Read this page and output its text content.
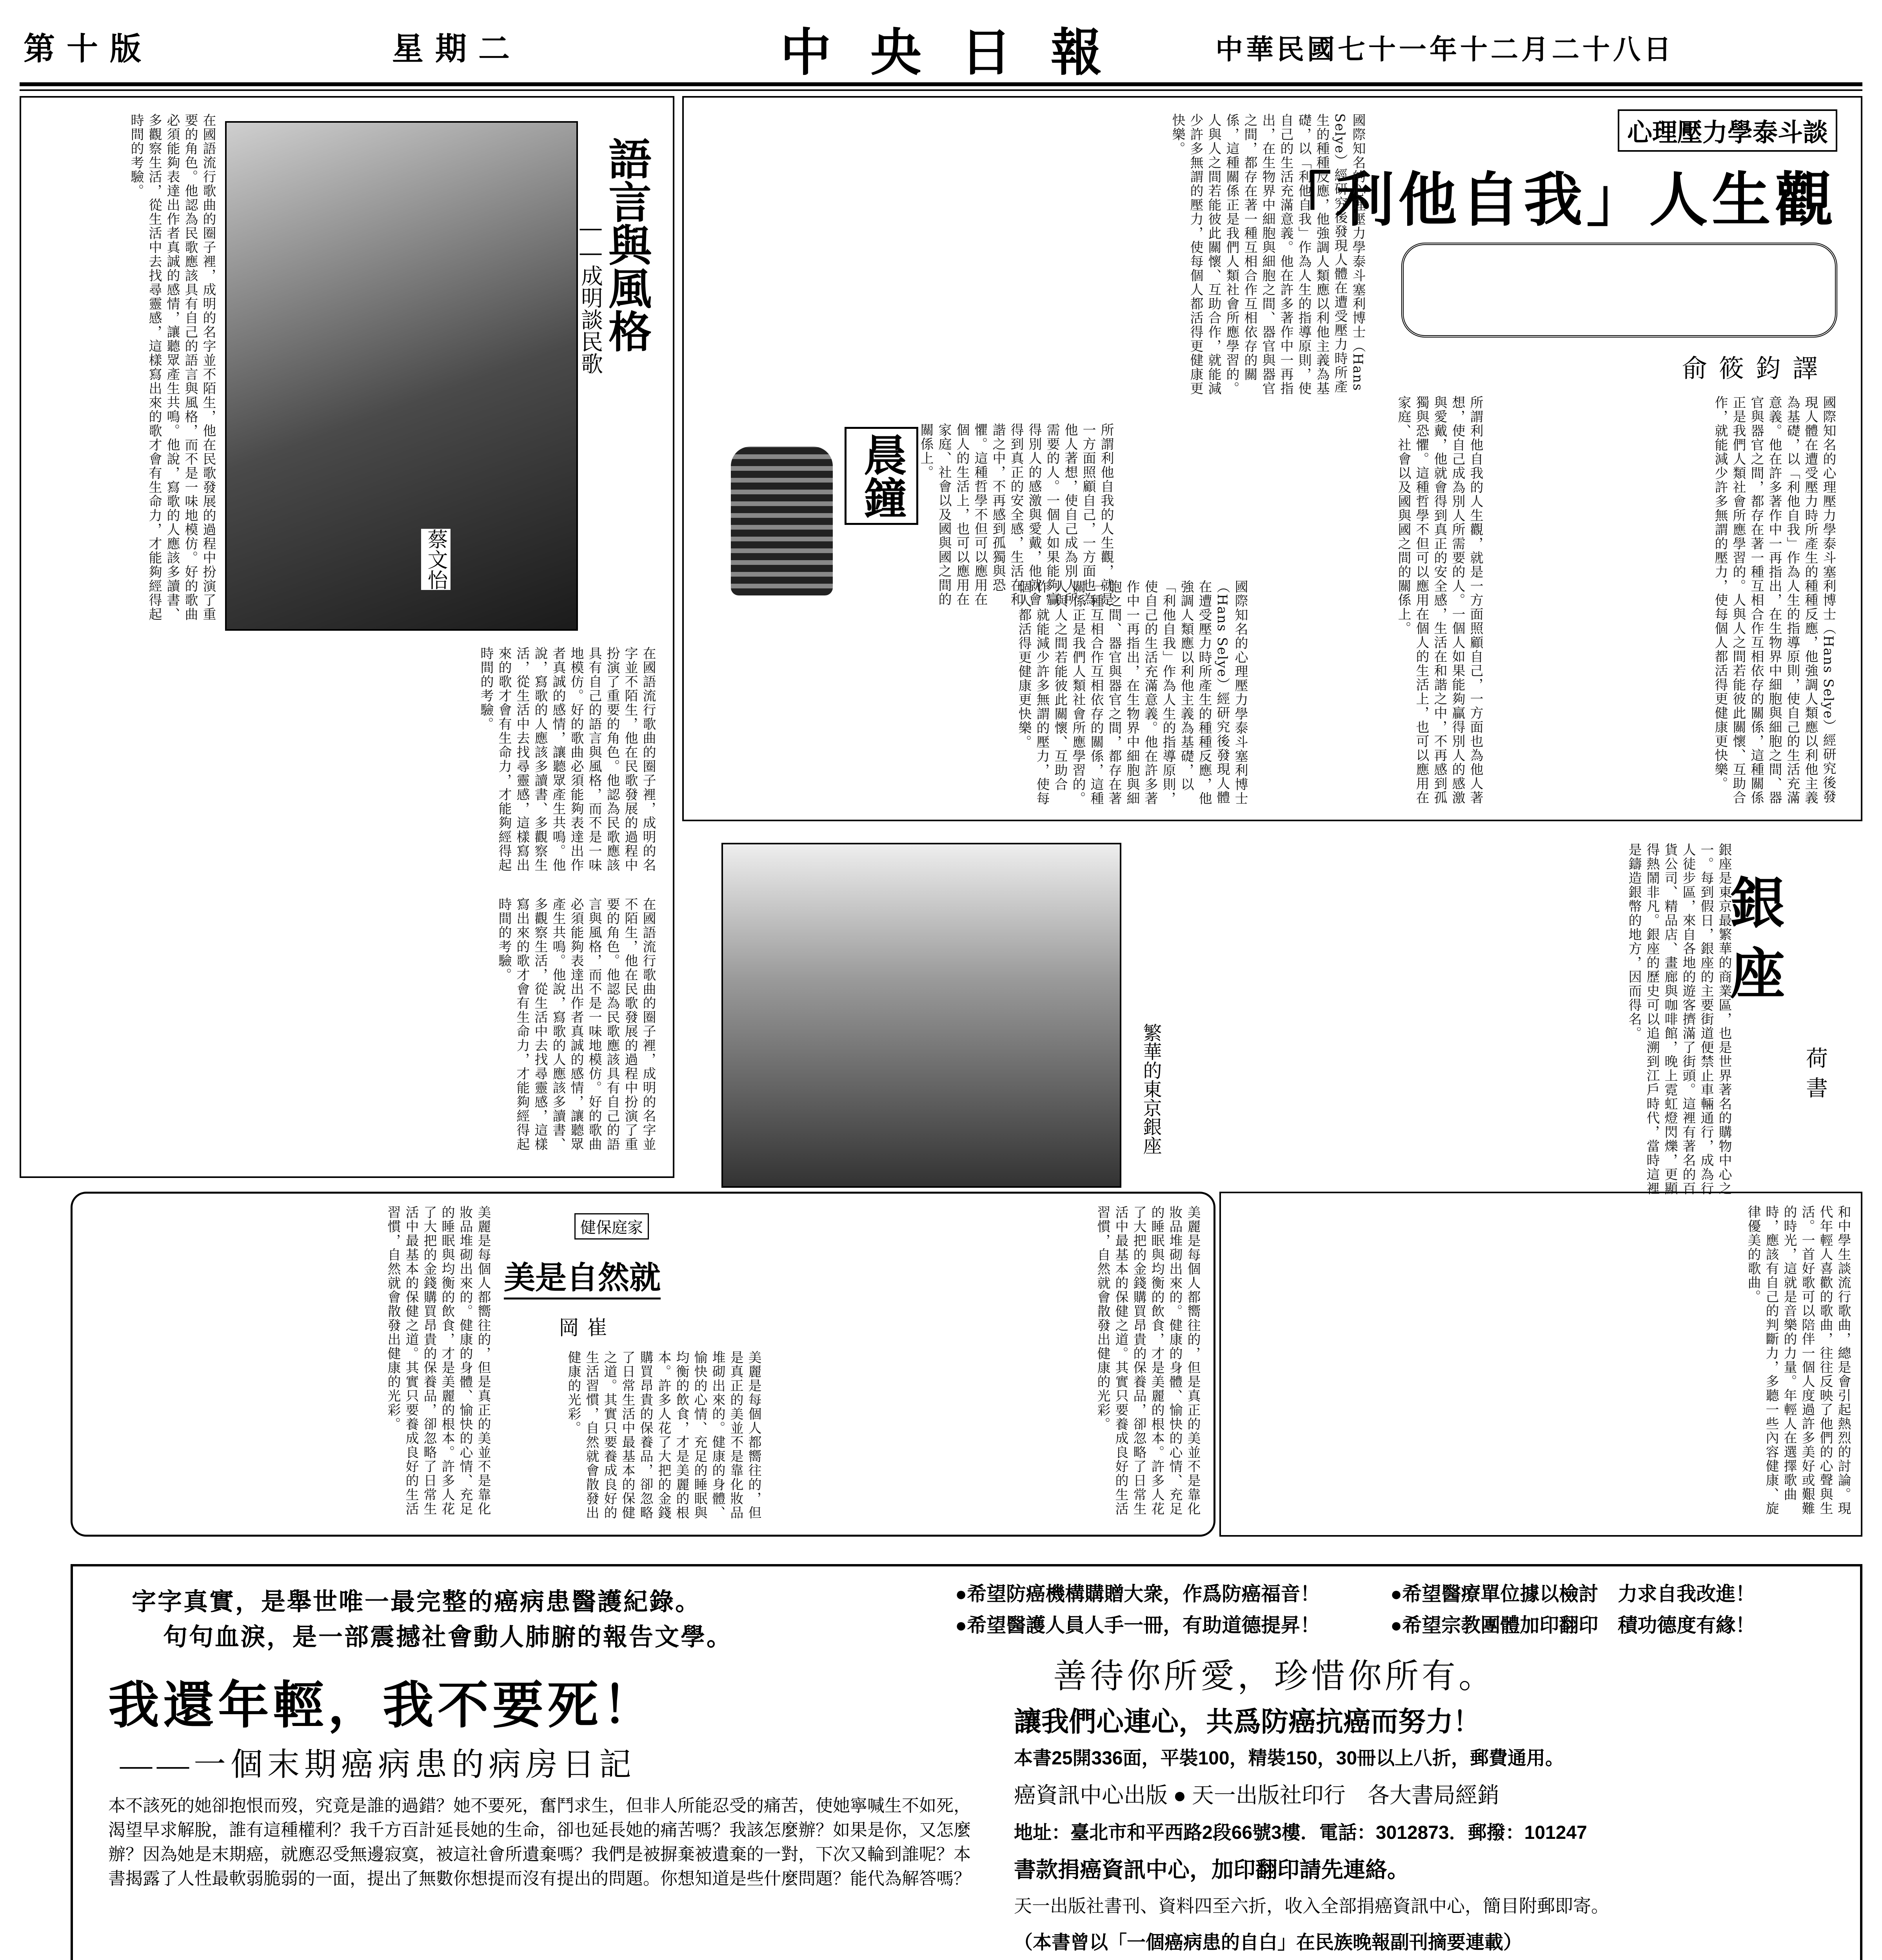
第十版	星期二	中央日報	中華民國七十一年十二月二十八日
心理壓力學泰斗談
「利他自我」人生觀
俞筱鈞譯
國際知名的心理壓力學泰斗塞利博士（Hans Selye）經研究後發現人體在遭受壓力時所產生的種種反應，他強調人類應以利他主義為基礎，以「利他自我」作為人生的指導原則，使自己的生活充滿意義。他在許多著作中一再指出，在生物界中細胞與細胞之間、器官與器官之間，都存在著一種互相合作互相依存的關係，這種關係正是我們人類社會所應學習的。人與人之間若能彼此關懷、互助合作，就能減少許多無謂的壓力，使每個人都活得更健康更快樂。
國際知名的心理壓力學泰斗塞利博士（Hans Selye）經研究後發現人體在遭受壓力時所產生的種種反應，他強調人類應以利他主義為基礎，以「利他自我」作為人生的指導原則，使自己的生活充滿意義。他在許多著作中一再指出，在生物界中細胞與細胞之間、器官與器官之間，都存在著一種互相合作互相依存的關係，這種關係正是我們人類社會所應學習的。人與人之間若能彼此關懷、互助合作，就能減少許多無謂的壓力，使每個人都活得更健康更快樂。
國際知名的心理壓力學泰斗塞利博士（Hans Selye）經研究後發現人體在遭受壓力時所產生的種種反應，他強調人類應以利他主義為基礎，以「利他自我」作為人生的指導原則，使自己的生活充滿意義。他在許多著作中一再指出，在生物界中細胞與細胞之間、器官與器官之間，都存在著一種互相合作互相依存的關係，這種關係正是我們人類社會所應學習的。人與人之間若能彼此關懷、互助合作，就能減少許多無謂的壓力，使每個人都活得更健康更快樂。
晨鐘	所謂利他自我的人生觀，就是一方面照顧自己，一方面也為他人著想，使自己成為別人所需要的人。一個人如果能夠贏得別人的感激與愛戴，他就會得到真正的安全感，生活在和諧之中，不再感到孤獨與恐懼。這種哲學不但可以應用在個人的生活上，也可以應用在家庭、社會以及國與國之間的關係上。	所謂利他自我的人生觀，就是一方面照顧自己，一方面也為他人著想，使自己成為別人所需要的人。一個人如果能夠贏得別人的感激與愛戴，他就會得到真正的安全感，生活在和諧之中，不再感到孤獨與恐懼。這種哲學不但可以應用在個人的生活上，也可以應用在家庭、社會以及國與國之間的關係上。
語言與風格
——成明談民歌
蔡文怡
在國語流行歌曲的圈子裡，成明的名字並不陌生，他在民歌發展的過程中扮演了重要的角色。他認為民歌應該具有自己的語言與風格，而不是一味地模仿。好的歌曲必須能夠表達出作者真誠的感情，讓聽眾產生共鳴。他說，寫歌的人應該多讀書、多觀察生活，從生活中去找尋靈感，這樣寫出來的歌才會有生命力，才能夠經得起時間的考驗。
在國語流行歌曲的圈子裡，成明的名字並不陌生，他在民歌發展的過程中扮演了重要的角色。他認為民歌應該具有自己的語言與風格，而不是一味地模仿。好的歌曲必須能夠表達出作者真誠的感情，讓聽眾產生共鳴。他說，寫歌的人應該多讀書、多觀察生活，從生活中去找尋靈感，這樣寫出來的歌才會有生命力，才能夠經得起時間的考驗。
在國語流行歌曲的圈子裡，成明的名字並不陌生，他在民歌發展的過程中扮演了重要的角色。他認為民歌應該具有自己的語言與風格，而不是一味地模仿。好的歌曲必須能夠表達出作者真誠的感情，讓聽眾產生共鳴。他說，寫歌的人應該多讀書、多觀察生活，從生活中去找尋靈感，這樣寫出來的歌才會有生命力，才能夠經得起時間的考驗。
繁華的東京銀座
銀座
荷書
銀座是東京最繁華的商業區，也是世界著名的購物中心之一。每到假日，銀座的主要街道便禁止車輛通行，成為行人徒步區，來自各地的遊客擠滿了街頭。這裡有著名的百貨公司、精品店、畫廊與咖啡館，晚上霓虹燈閃爍，更顯得熱鬧非凡。銀座的歷史可以追溯到江戶時代，當時這裡是鑄造銀幣的地方，因而得名。
健保庭家
美是自然就
岡崔
美麗是每個人都嚮往的，但是真正的美並不是靠化妝品堆砌出來的。健康的身體、愉快的心情、充足的睡眠與均衡的飲食，才是美麗的根本。許多人花了大把的金錢購買昂貴的保養品，卻忽略了日常生活中最基本的保健之道。其實只要養成良好的生活習慣，自然就會散發出健康的光彩。
美麗是每個人都嚮往的，但是真正的美並不是靠化妝品堆砌出來的。健康的身體、愉快的心情、充足的睡眠與均衡的飲食，才是美麗的根本。許多人花了大把的金錢購買昂貴的保養品，卻忽略了日常生活中最基本的保健之道。其實只要養成良好的生活習慣，自然就會散發出健康的光彩。	美麗是每個人都嚮往的，但是真正的美並不是靠化妝品堆砌出來的。健康的身體、愉快的心情、充足的睡眠與均衡的飲食，才是美麗的根本。許多人花了大把的金錢購買昂貴的保養品，卻忽略了日常生活中最基本的保健之道。其實只要養成良好的生活習慣，自然就會散發出健康的光彩。	和中學生談流行歌曲，總是會引起熱烈的討論。現代年輕人喜歡的歌曲，往往反映了他們的心聲與生活。一首好歌可以陪伴一個人度過許多美好或艱難的時光，這就是音樂的力量。年輕人在選擇歌曲時，應該有自己的判斷力，多聽一些內容健康、旋律優美的歌曲。
字字真實，是舉世唯一最完整的癌病患醫護紀錄。
句句血淚，是一部震撼社會動人肺腑的報告文學。
我還年輕，我不要死！
——一個末期癌病患的病房日記
本不該死的她卻抱恨而歿，究竟是誰的過錯？她不要死，奮鬥求生，但非人所能忍受的痛苦，使她寧喊生不如死，渴望早求解脫，誰有這種權利？我千方百計延長她的生命，卻也延長她的痛苦嗎？我該怎麼辦？如果是你，又怎麼辦？因為她是末期癌，就應忍受無邊寂寞，被這社會所遺棄嗎？我們是被摒棄被遺棄的一對，下次又輪到誰呢？本書揭露了人性最軟弱脆弱的一面，提出了無數你想提而沒有提出的問題。你想知道是些什麼問題？能代為解答嗎？
●希望防癌機構購贈大衆，作爲防癌福音！	●希望醫療單位據以檢討　力求自我改進！
●希望醫護人員人手一冊，有助道德提昇！	●希望宗教團體加印翻印　積功德度有緣！
善待你所愛，珍惜你所有。
讓我們心連心，共爲防癌抗癌而努力！
本書25開336面，平裝100，精裝150，30冊以上八折，郵費通用。
癌資訊中心出版 ● 天一出版社印行　各大書局經銷
地址：臺北市和平西路2段66號3樓．電話：3012873．郵撥：101247
書款捐癌資訊中心，加印翻印請先連絡。
天一出版社書刊、資料四至六折，收入全部捐癌資訊中心，簡目附郵即寄。
（本書曾以「一個癌病患的自白」在民族晚報副刊摘要連載）
